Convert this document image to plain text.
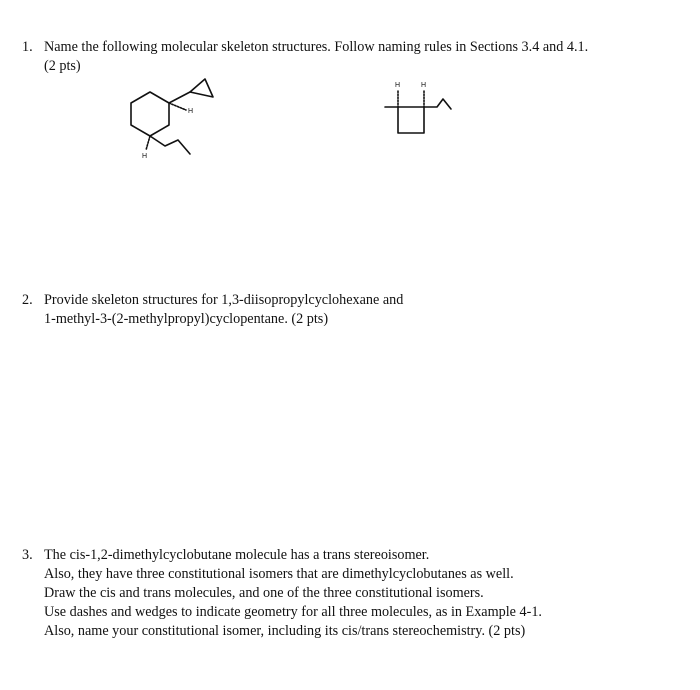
1. Name the following molecular skeleton structures. Follow naming rules in Sections 3.4 and 4.1.
(2 pts)
H
H
H	H
2. Provide skeleton structures for 1,3-diisopropylcyclohexane and
1-methyl-3-(2-methylpropyl)cyclopentane. (2 pts)
3. The cis-1,2-dimethylcyclobutane molecule has a trans stereoisomer.
Also, they have three constitutional isomers that are dimethylcyclobutanes as well.
Draw the cis and trans molecules, and one of the three constitutional isomers.
Use dashes and wedges to indicate geometry for all three molecules, as in Example 4-1.
Also, name your constitutional isomer, including its cis/trans stereochemistry. (2 pts)
